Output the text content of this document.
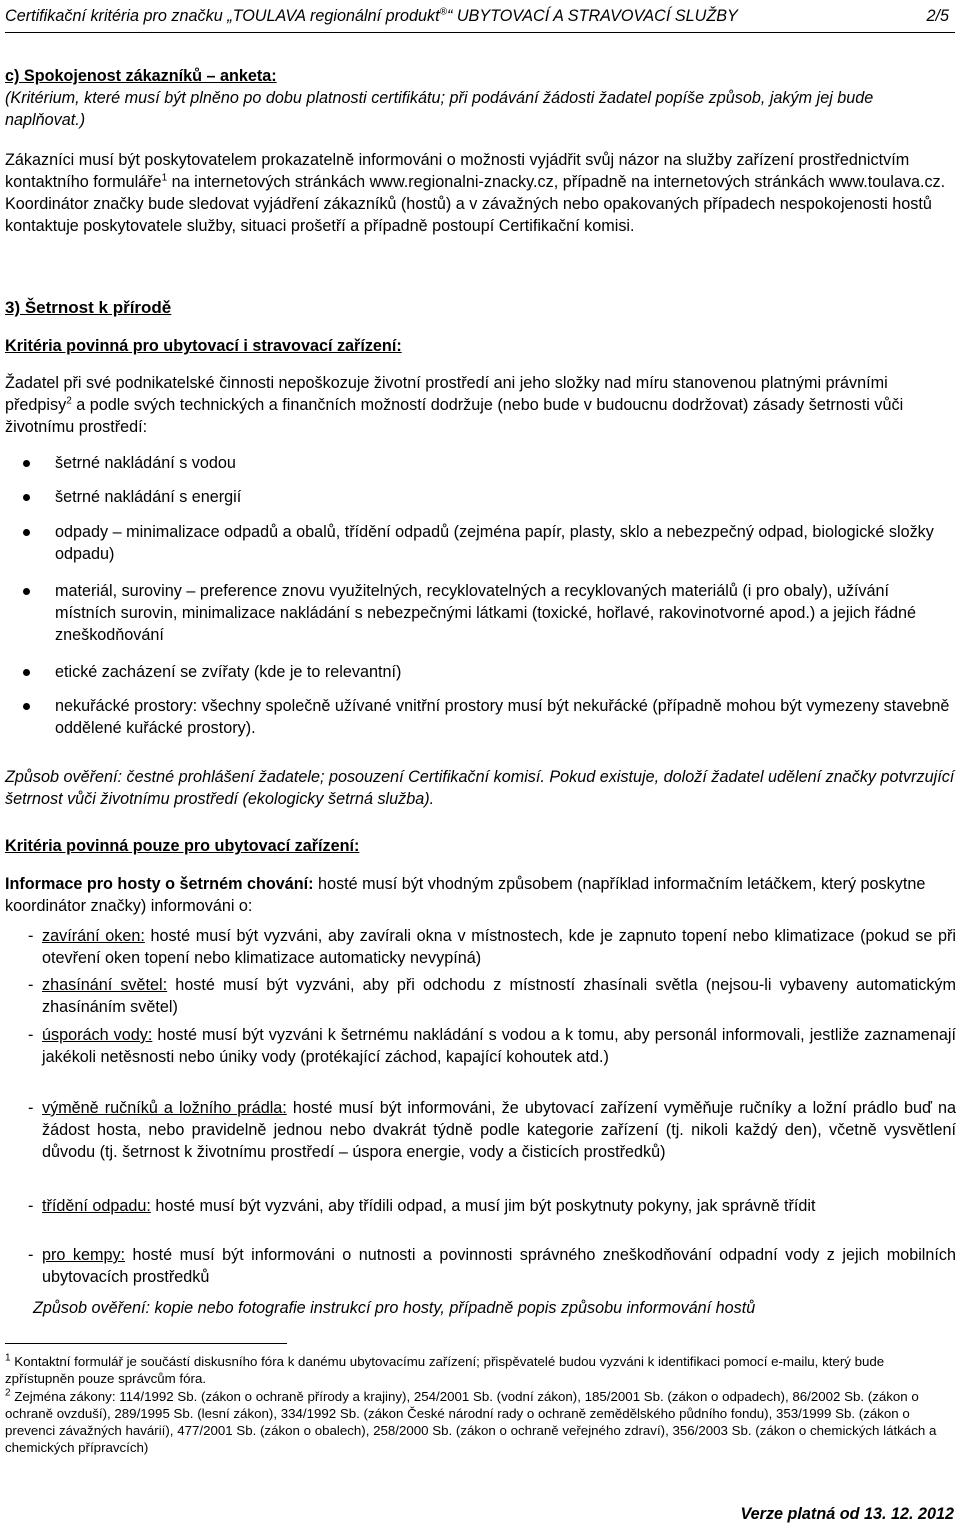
Certifikační kritéria pro značku „TOULAVA regionální produkt®“ UBYTOVACÍ A STRAVOVACÍ SLUŽBY	2/5
c) Spokojenost zákazníků – anketa:
(Kritérium, které musí být plněno po dobu platnosti certifikátu; při podávání žádosti žadatel popíše způsob, jakým jej bude naplňovat.)
Zákazníci musí být poskytovatelem prokazatelně informováni o možnosti vyjádřit svůj názor na služby zařízení prostřednictvím kontaktního formuláře$^1$ na internetových stránkách www.regionalni-znacky.cz, případně na internetových stránkách www.toulava.cz. Koordinátor značky bude sledovat vyjádření zákazníků (hostů) a v závažných nebo opakovaných případech nespokojenosti hostů kontaktuje poskytovatele služby, situaci prošetří a případně postoupí Certifikační komisi.
3) Šetrnost k přírodě
Kritéria povinná pro ubytovací i stravovací zařízení:
Žadatel při své podnikatelské činnosti nepoškozuje životní prostředí ani jeho složky nad míru stanovenou platnými právními předpisy$^2$ a podle svých technických a finančních možností dodržuje (nebo bude v budoucnu dodržovat) zásady šetrnosti vůči životnímu prostředí:
šetrné nakládání s vodou
šetrné nakládání s energií
odpady – minimalizace odpadů a obalů, třídění odpadů (zejména papír, plasty, sklo a nebezpečný odpad, biologické složky odpadu)
materiál, suroviny – preference znovu využitelných, recyklovatelných a recyklovaných materiálů (i pro obaly), užívání místních surovin, minimalizace nakládání s nebezpečnými látkami (toxické, hořlavé, rakovinotvorné apod.) a jejich řádné zneškodňování
etické zacházení se zvířaty (kde je to relevantní)
nekuřácké prostory: všechny společně užívané vnitřní prostory musí být nekuřácké (případně mohou být vymezeny stavebně oddělené kuřácké prostory).
Způsob ověření: čestné prohlášení žadatele; posouzení Certifikační komisí. Pokud existuje, doloží žadatel udělení značky potvrzující šetrnost vůči životnímu prostředí (ekologicky šetrná služba).
Kritéria povinná pouze pro ubytovací zařízení:
Informace pro hosty o šetrném chování: hosté musí být vhodným způsobem (například informačním letáčkem, který poskytne koordinátor značky) informováni o:
- zavírání oken: hosté musí být vyzváni, aby zavírali okna v místnostech, kde je zapnuto topení nebo klimatizace (pokud se při otevření oken topení nebo klimatizace automaticky nevypíná)
- zhasínání světel: hosté musí být vyzváni, aby při odchodu z místností zhasínali světla (nejsou-li vybaveny automatickým zhasínáním světel)
- úsporách vody: hosté musí být vyzváni k šetrnému nakládání s vodou a k tomu, aby personál informovali, jestliže zaznamenají jakékoli netěsnosti nebo úniky vody (protékající záchod, kapající kohoutek atd.)
- výměně ručníků a ložního prádla: hosté musí být informováni, že ubytovací zařízení vyměňuje ručníky a ložní prádlo buď na žádost hosta, nebo pravidelně jednou nebo dvakrát týdně podle kategorie zařízení (tj. nikoli každý den), včetně vysvětlení důvodu (tj. šetrnost k životnímu prostředí – úspora energie, vody a čisticích prostředků)
- třídění odpadu: hosté musí být vyzváni, aby třídili odpad, a musí jim být poskytnuty pokyny, jak správně třídit
- pro kempy: hosté musí být informováni o nutnosti a povinnosti správného zneškodňování odpadní vody z jejich mobilních ubytovacích prostředků
Způsob ověření: kopie nebo fotografie instrukcí pro hosty, případně popis způsobu informování hostů
$^1$ Kontaktní formulář je součástí diskusního fóra k danému ubytovacímu zařízení; přispěvatelé budou vyzváni k identifikaci pomocí e-mailu, který bude zpřístupněn pouze správcům fóra.
$^2$ Zejména zákony: 114/1992 Sb. (zákon o ochraně přírody a krajiny), 254/2001 Sb. (vodní zákon), 185/2001 Sb. (zákon o odpadech), 86/2002 Sb. (zákon o ochraně ovzduší), 289/1995 Sb. (lesní zákon), 334/1992 Sb. (zákon České národní rady o ochraně zemědělského půdního fondu), 353/1999 Sb. (zákon o prevenci závažných havárií), 477/2001 Sb. (zákon o obalech), 258/2000 Sb. (zákon o ochraně veřejného zdraví), 356/2003 Sb. (zákon o chemických látkách a chemických přípravcích)
Verze platná od 13. 12. 2012
